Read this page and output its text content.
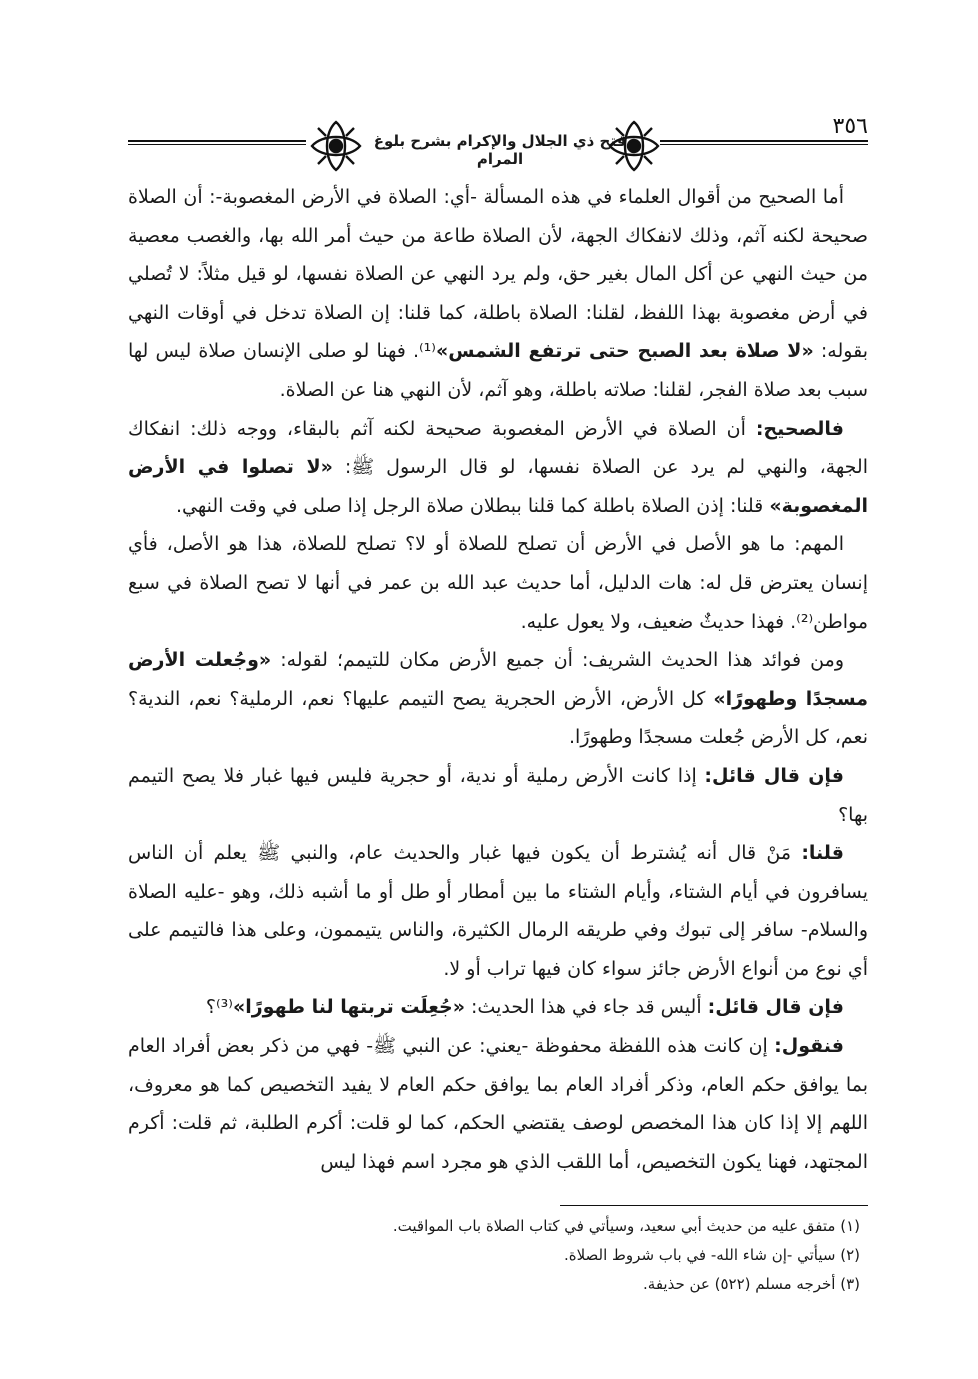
فتح ذي الجلال والإكرام بشرح بلوغ المرام
٣٥٦

أما الصحيح من أقوال العلماء في هذه المسألة -أي: الصلاة في الأرض المغصوبة-: أن الصلاة صحيحة لكنه آثم، وذلك لانفكاك الجهة، لأن الصلاة طاعة من حيث أمر الله بها، والغصب معصية من حيث النهي عن أكل المال بغير حق، ولم يرد النهي عن الصلاة نفسها، لو قيل مثلاً: لا تُصلي في أرض مغصوبة بهذا اللفظ، لقلنا: الصلاة باطلة، كما قلنا: إن الصلاة تدخل في أوقات النهي بقوله: «لا صلاة بعد الصبح حتى ترتفع الشمس»⁽¹⁾. فهنا لو صلى الإنسان صلاة ليس لها سبب بعد صلاة الفجر، لقلنا: صلاته باطلة، وهو آثم، لأن النهي هنا عن الصلاة.

فالصحيح: أن الصلاة في الأرض المغصوبة صحيحة لكنه آثم بالبقاء، ووجه ذلك: انفكاك الجهة، والنهي لم يرد عن الصلاة نفسها، لو قال الرسول ﷺ: «لا تصلوا في الأرض المغصوبة» قلنا: إذن الصلاة باطلة كما قلنا ببطلان صلاة الرجل إذا صلى في وقت النهي.

المهم: ما هو الأصل في الأرض أن تصلح للصلاة أو لا؟ تصلح للصلاة، هذا هو الأصل، فأي إنسان يعترض قل له: هات الدليل، أما حديث عبد الله بن عمر في أنها لا تصح الصلاة في سبع مواطن⁽²⁾. فهذا حديثٌ ضعيف، ولا يعول عليه.

ومن فوائد هذا الحديث الشريف: أن جميع الأرض مكان للتيمم؛ لقوله: «وجُعلت الأرض مسجدًا وطهورًا» كل الأرض، الأرض الحجرية يصح التيمم عليها؟ نعم، الرملية؟ نعم، الندية؟ نعم، كل الأرض جُعلت مسجدًا وطهورًا.

فإن قال قائل: إذا كانت الأرض رملية أو ندية، أو حجرية فليس فيها غبار فلا يصح التيمم بها؟

قلنا: مَنْ قال أنه يُشترط أن يكون فيها غبار والحديث عام، والنبي ﷺ يعلم أن الناس يسافرون في أيام الشتاء، وأيام الشتاء ما بين أمطار أو طل أو ما أشبه ذلك، وهو -عليه الصلاة والسلام- سافر إلى تبوك وفي طريقه الرمال الكثيرة، والناس يتيممون، وعلى هذا فالتيمم على أي نوع من أنواع الأرض جائز سواء كان فيها تراب أو لا.

فإن قال قائل: أليس قد جاء في هذا الحديث: «جُعِلَت تربتها لنا طهورًا»⁽³⁾؟

فنقول: إن كانت هذه اللفظة محفوظة -يعني: عن النبي ﷺ- فهي من ذكر بعض أفراد العام بما يوافق حكم العام، وذكر أفراد العام بما يوافق حكم العام لا يفيد التخصيص كما هو معروف، اللهم إلا إذا كان هذا المخصص لوصف يقتضي الحكم، كما لو قلت: أكرم الطلبة، ثم قلت: أكرم المجتهد، فهنا يكون التخصيص، أما اللقب الذي هو مجرد اسم فهذا ليس

(١) متفق عليه من حديث أبي سعيد، وسيأتي في كتاب الصلاة باب المواقيت.
(٢) سيأتي -إن شاء الله- في باب شروط الصلاة.
(٣) أخرجه مسلم (٥٢٢) عن حذيفة.
